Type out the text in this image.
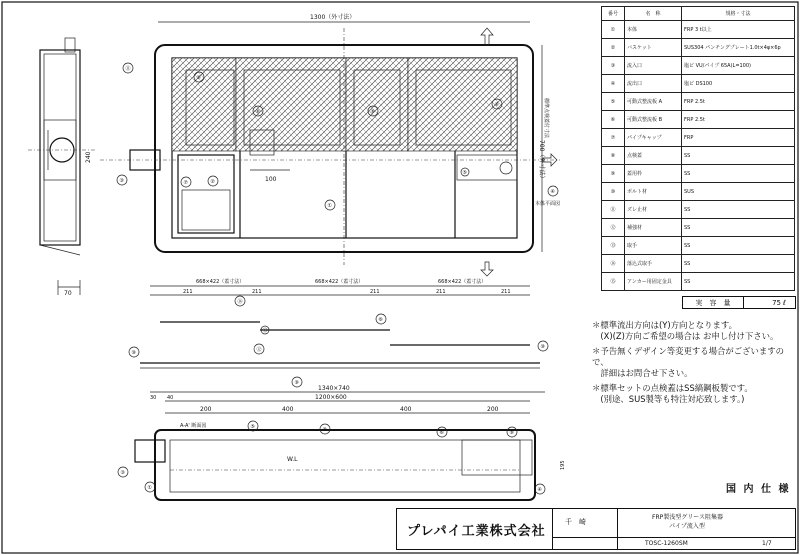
70
240
1300（外寸法）
100	700（外寸法）
標準点検蓋付寸法
本体平面図
⑪
⑨
⑧	⑧
⑧
⑦	②
①
③
④
⑤
668×422（蓋寸法）	668×422（蓋寸法）	668×422（蓋寸法）
211	211	211	211	211
⑭
⑥
⑩
⑩
⑫
⑨
⑬
1340×740
1200×600
30 40
200	400	400	200
A-A' 断面図
W.L
195
⑤	⑧	⑥	⑨
③
①	④
番号	名　称	規格・寸法
①	本体	FRP 3 t以上
②	バスケット	SUS304 パンチングプレート1.0t×4φ×6p
③	流入口	塩ビ VU/パイプ 65A(L=100)
④	流出口	塩ビ DS100
⑤	可動式整流板 A	FRP 2.5t
⑥	可動式整流板 B	FRP 2.5t
⑦	パイプキャップ	FRP
⑧	点検蓋	SS
⑨	蓋用枠	SS
⑩	ボルト材	SUS
⑪	ズレ止材	SS
⑫	補強材	SS
⑬	取手	SS
⑭	落込式取手	SS
⑮	アンカー用固定金具	SS
実　容　量	75 ℓ

＊標準流出方向は(Y)方向となります。
　(X)(Z)方向ご希望の場合は お申し付け下さい。

＊予告無くデザイン等変更する場合がございますので、
　詳細はお問合せ下さい。

＊標準セットの点検蓋はSS縞鋼板製です。
　(別途、SUS製等も特注対応致します。)

国 内 仕 様
プレパイ工業株式会社
千　崎
FRP製浅型グリース阻集器
パイプ流入型
TOSC-1260SM	1/7
